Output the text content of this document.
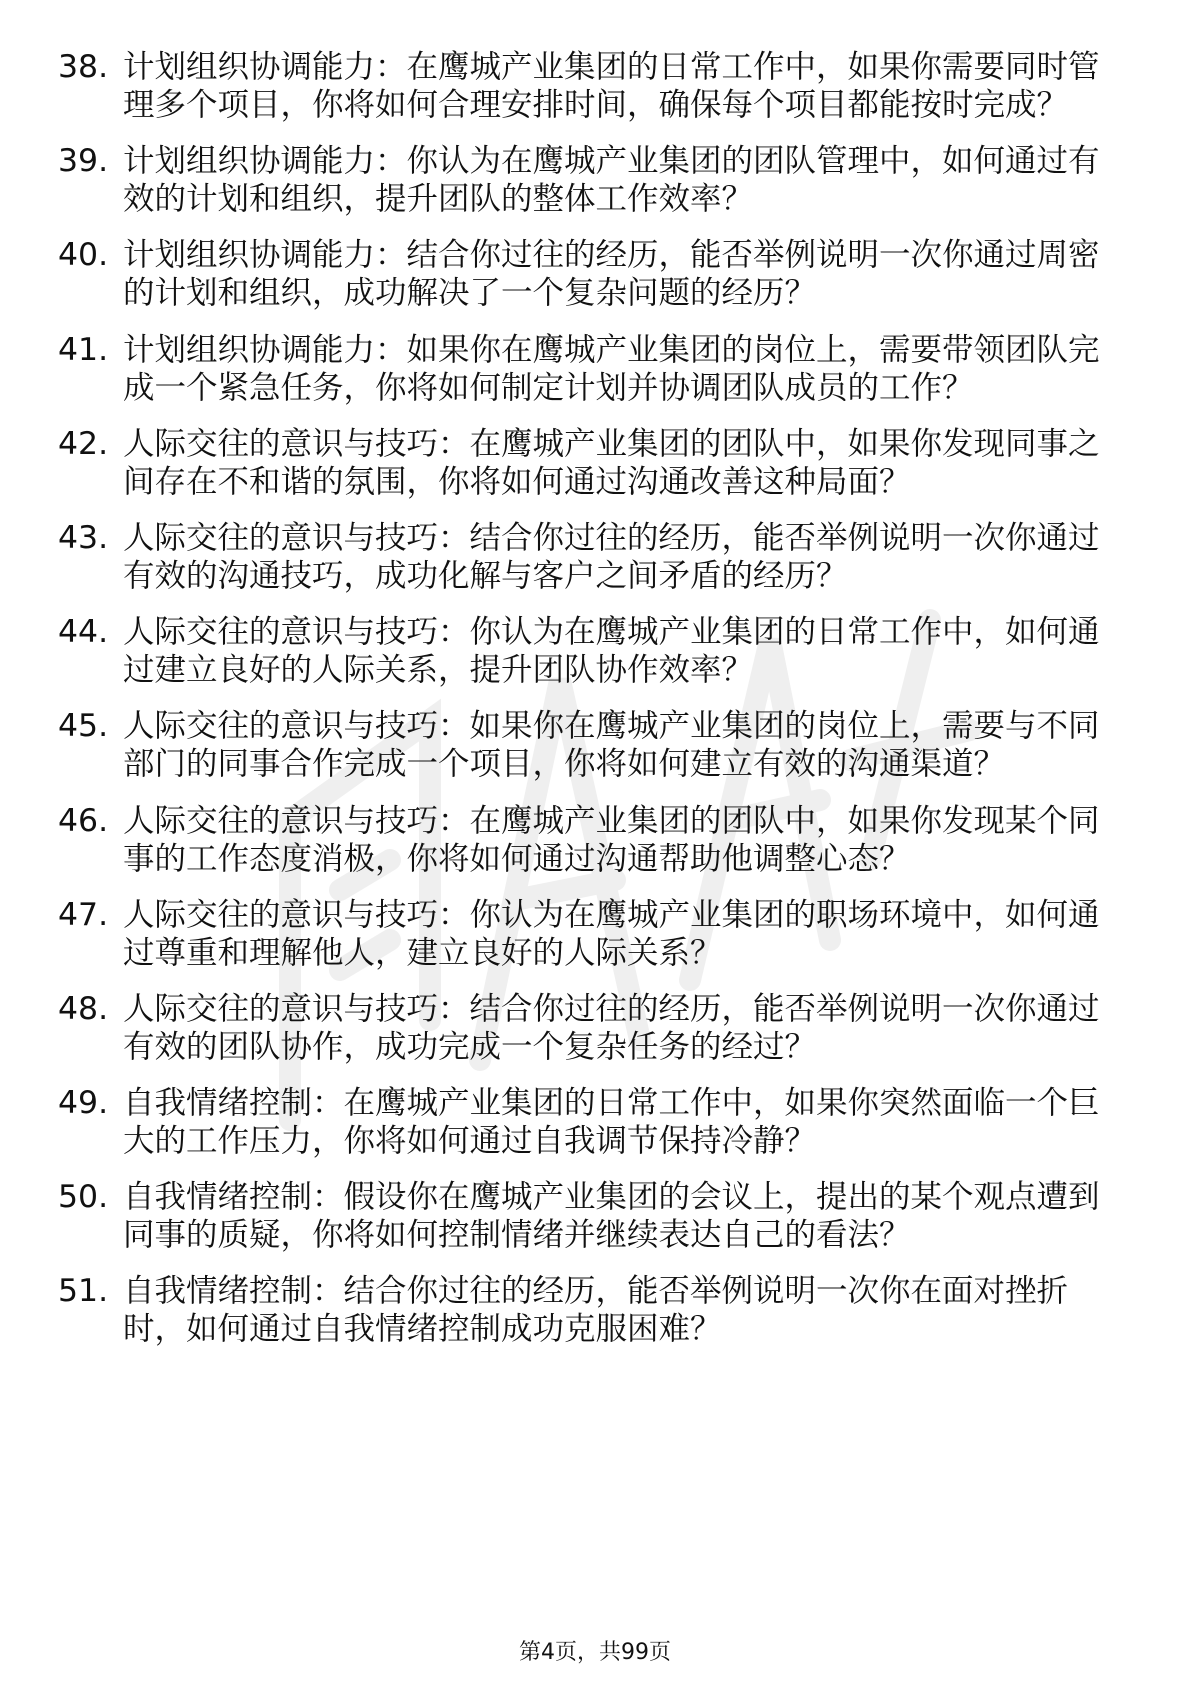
38. 计划组织协调能力：在鹰城产业集团的日常工作中，如果你需要同时管理多个项目，你将如何合理安排时间，确保每个项目都能按时完成？
39. 计划组织协调能力：你认为在鹰城产业集团的团队管理中，如何通过有效的计划和组织，提升团队的整体工作效率？
40. 计划组织协调能力：结合你过往的经历，能否举例说明一次你通过周密的计划和组织，成功解决了一个复杂问题的经历？
41. 计划组织协调能力：如果你在鹰城产业集团的岗位上，需要带领团队完成一个紧急任务，你将如何制定计划并协调团队成员的工作？
42. 人际交往的意识与技巧：在鹰城产业集团的团队中，如果你发现同事之间存在不和谐的氛围，你将如何通过沟通改善这种局面？
43. 人际交往的意识与技巧：结合你过往的经历，能否举例说明一次你通过有效的沟通技巧，成功化解与客户之间矛盾的经历？
44. 人际交往的意识与技巧：你认为在鹰城产业集团的日常工作中，如何通过建立良好的人际关系，提升团队协作效率？
45. 人际交往的意识与技巧：如果你在鹰城产业集团的岗位上，需要与不同部门的同事合作完成一个项目，你将如何建立有效的沟通渠道？
46. 人际交往的意识与技巧：在鹰城产业集团的团队中，如果你发现某个同事的工作态度消极，你将如何通过沟通帮助他调整心态？
47. 人际交往的意识与技巧：你认为在鹰城产业集团的职场环境中，如何通过尊重和理解他人，建立良好的人际关系？
48. 人际交往的意识与技巧：结合你过往的经历，能否举例说明一次你通过有效的团队协作，成功完成一个复杂任务的经过？
49. 自我情绪控制：在鹰城产业集团的日常工作中，如果你突然面临一个巨大的工作压力，你将如何通过自我调节保持冷静？
50. 自我情绪控制：假设你在鹰城产业集团的会议上，提出的某个观点遭到同事的质疑，你将如何控制情绪并继续表达自己的看法？
51. 自我情绪控制：结合你过往的经历，能否举例说明一次你在面对挫折时，如何通过自我情绪控制成功克服困难？
第4页，共99页
